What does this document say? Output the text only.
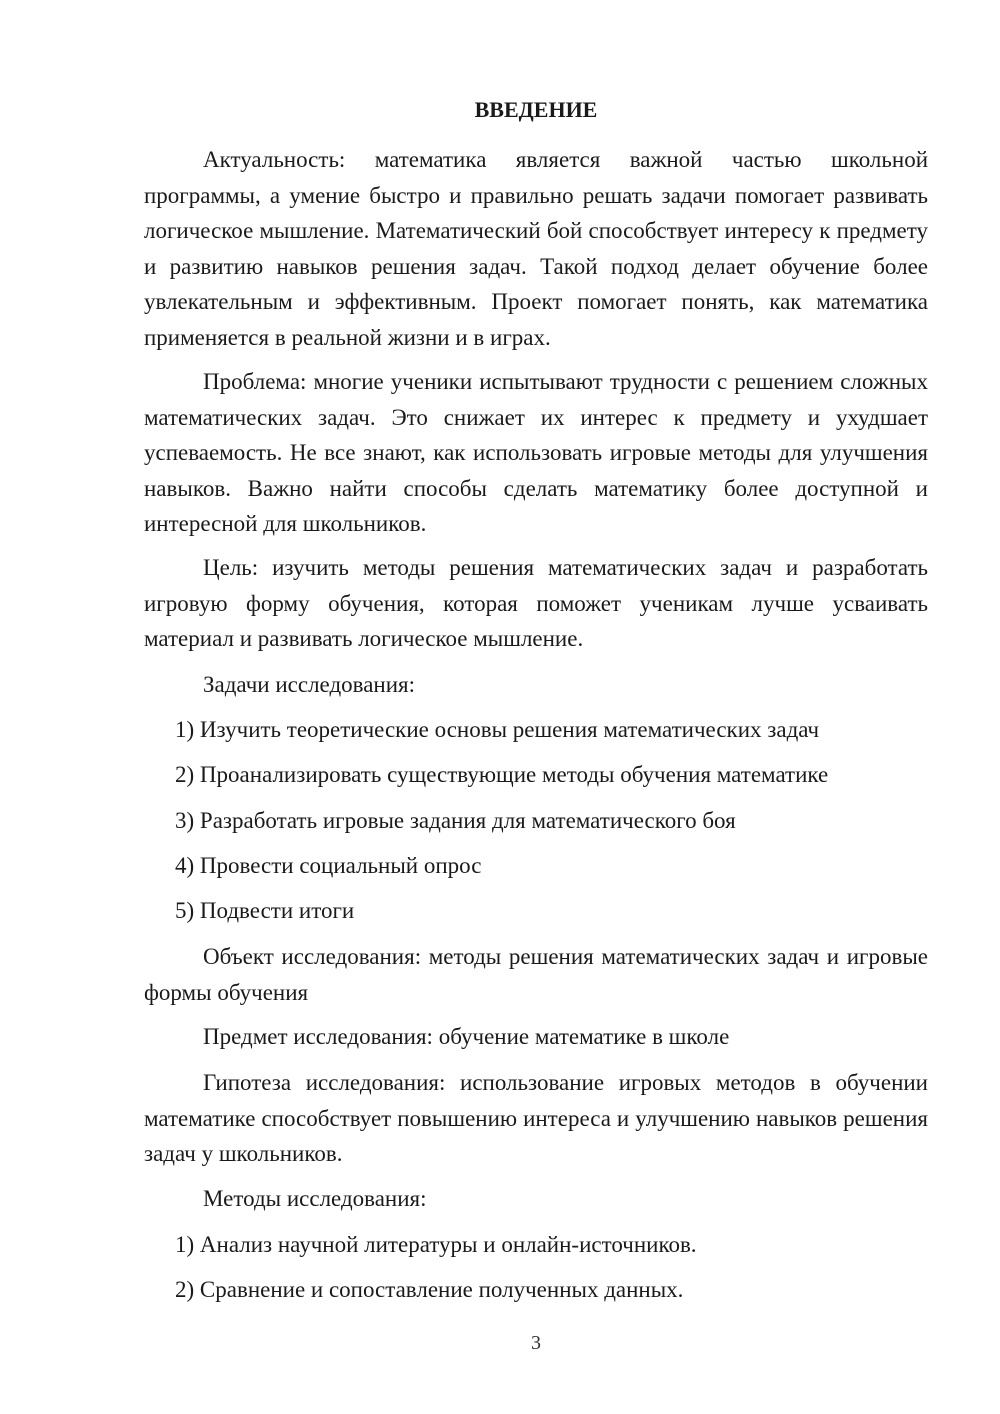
ВВЕДЕНИЕ

Актуальность: математика является важной частью школьной программы, а умение быстро и правильно решать задачи помогает развивать логическое мышление. Математический бой способствует интересу к предмету и развитию навыков решения задач. Такой подход делает обучение более увлекательным и эффективным. Проект помогает понять, как математика применяется в реальной жизни и в играх.

Проблема: многие ученики испытывают трудности с решением сложных математических задач. Это снижает их интерес к предмету и ухудшает успеваемость. Не все знают, как использовать игровые методы для улучшения навыков. Важно найти способы сделать математику более доступной и интересной для школьников.

Цель: изучить методы решения математических задач и разработать игровую форму обучения, которая поможет ученикам лучше усваивать материал и развивать логическое мышление.

Задачи исследования:

1) Изучить теоретические основы решения математических задач

2) Проанализировать существующие методы обучения математике

3) Разработать игровые задания для математического боя

4) Провести социальный опрос

5) Подвести итоги

Объект исследования: методы решения математических задач и игровые формы обучения

Предмет исследования: обучение математике в школе

Гипотеза исследования: использование игровых методов в обучении математике способствует повышению интереса и улучшению навыков решения задач у школьников.

Методы исследования:

1) Анализ научной литературы и онлайн-источников.

2) Сравнение и сопоставление полученных данных.

3
